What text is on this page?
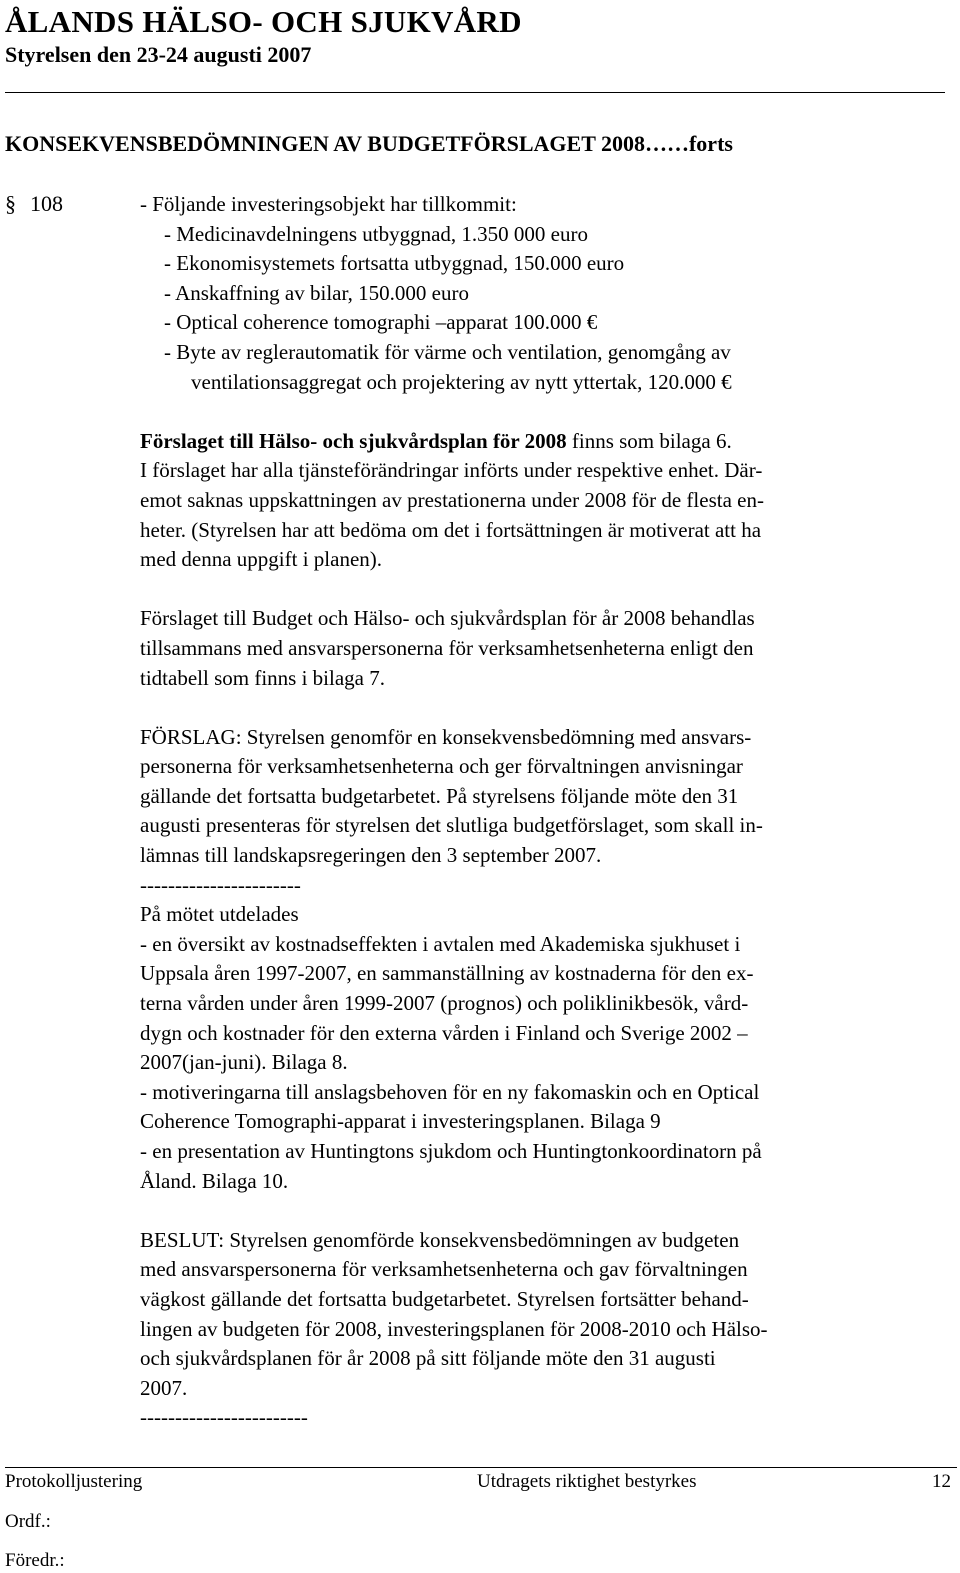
ÅLANDS HÄLSO- OCH SJUKVÅRD
Styrelsen den 23-24 augusti 2007
KONSEKVENSBEDÖMNINGEN AV BUDGETFÖRSLAGET 2008……forts
§ 108	- Följande investeringsobjekt har tillkommit:

- Medicinavdelningens utbyggnad, 1.350 000 euro

- Ekonomisystemets fortsatta utbyggnad, 150.000 euro

- Anskaffning av bilar, 150.000 euro

- Optical coherence tomographi –apparat 100.000 €

- Byte av reglerautomatik för värme och ventilation, genomgång av

ventilationsaggregat och projektering av nytt yttertak, 120.000 €

Förslaget till Hälso- och sjukvårdsplan för 2008 finns som bilaga 6.

I förslaget har alla tjänsteförändringar införts under respektive enhet. Där-

emot saknas uppskattningen av prestationerna under 2008 för de flesta en-

heter. (Styrelsen har att bedöma om det i fortsättningen är motiverat att ha

med denna uppgift i planen).

Förslaget till Budget och Hälso- och sjukvårdsplan för år 2008 behandlas

tillsammans med ansvarspersonerna för verksamhetsenheterna enligt den

tidtabell som finns i bilaga 7.

FÖRSLAG: Styrelsen genomför en konsekvensbedömning med ansvars-

personerna för verksamhetsenheterna och ger förvaltningen anvisningar

gällande det fortsatta budgetarbetet. På styrelsens följande möte den 31

augusti presenteras för styrelsen det slutliga budgetförslaget, som skall in-

lämnas till landskapsregeringen den 3 september 2007.

-----------------------

På mötet utdelades

- en översikt av kostnadseffekten i avtalen med Akademiska sjukhuset i

Uppsala åren 1997-2007, en sammanställning av kostnaderna för den ex-

terna vården under åren 1999-2007 (prognos) och poliklinikbesök, vård-

dygn och kostnader för den externa vården i Finland och Sverige 2002 –

2007(jan-juni). Bilaga 8.

- motiveringarna till anslagsbehoven för en ny fakomaskin och en Optical

Coherence Tomographi-apparat i investeringsplanen. Bilaga 9

- en presentation av Huntingtons sjukdom och Huntingtonkoordinatorn på

Åland. Bilaga 10.

BESLUT: Styrelsen genomförde konsekvensbedömningen av budgeten

med ansvarspersonerna för verksamhetsenheterna och gav förvaltningen

vägkost gällande det fortsatta budgetarbetet. Styrelsen fortsätter behand-

lingen av budgeten för 2008, investeringsplanen för 2008-2010 och Hälso-

och sjukvårdsplanen för år 2008 på sitt följande möte den 31 augusti

2007.

------------------------

Protokolljustering	Utdragets riktighet bestyrkes	12
Ordf.:
Föredr.:
